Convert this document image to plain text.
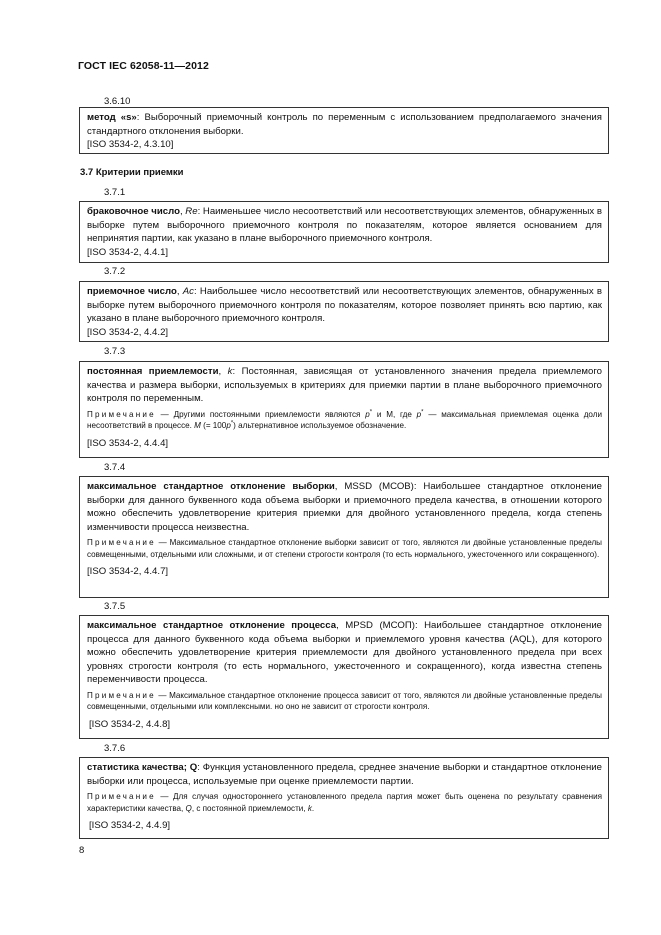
ГОСТ IEC 62058-11—2012
3.6.10

метод «s»: Выборочный приемочный контроль по переменным с использованием предполагаемого значения стандартного отклонения выборки.

[ISO 3534-2, 4.3.10]

3.7 Критерии приемки
3.7.1

браковочное число, Re: Наименьшее число несоответствий или несоответствующих элементов, обнаруженных в выборке путем выборочного приемочного контроля по показателям, которое является основанием для непринятия партии, как указано в плане выборочного приемочного контроля.

[ISO 3534-2, 4.4.1]

3.7.2

приемочное число, Ac: Наибольшее число несоответствий или несоответствующих элементов, обнаруженных в выборке путем выборочного приемочного контроля по показателям, которое позволяет принять всю партию, как указано в плане выборочного приемочного контроля.

[ISO 3534-2, 4.4.2]

3.7.3

постоянная приемлемости, k: Постоянная, зависящая от установленного значения предела приемлемого качества и размера выборки, используемых в критериях для приемки партии в плане выборочного приемочного контроля по переменным.

Примечание — Другими постоянными приемлемости являются p* и M, где p* — максимальная приемлемая оценка доли несоответствий в процессе. M (= 100p*) альтернативное используемое обозначение.

[ISO 3534-2, 4.4.4]

3.7.4

максимальное стандартное отклонение выборки, MSSD (МСОВ): Наибольшее стандартное отклонение выборки для данного буквенного кода объема выборки и приемочного предела качества, в отношении которого можно обеспечить удовлетворение критерия приемки для двойного установленного предела, когда степень изменчивости процесса неизвестна.

Примечание — Максимальное стандартное отклонение выборки зависит от того, являются ли двойные установленные пределы совмещенными, отдельными или сложными, и от степени строгости контроля (то есть нормального, ужесточенного или сокращенного).

[ISO 3534-2, 4.4.7]

3.7.5

максимальное стандартное отклонение процесса, MPSD (МСОП): Наибольшее стандартное отклонение процесса для данного буквенного кода объема выборки и приемлемого уровня качества (AQL), для которого можно обеспечить удовлетворение критерия приемлемости для двойного установленного предела при всех уровнях строгости контроля (то есть нормального, ужесточенного и сокращенного), когда известна степень переменчивости процесса.

Примечание — Максимальное стандартное отклонение процесса зависит от того, являются ли двойные установленные пределы совмещенными, отдельными или комплексными. но оно не зависит от строгости контроля.

[ISO 3534-2, 4.4.8]

3.7.6

статистика качества; Q: Функция установленного предела, среднее значение выборки и стандартное отклонение выборки или процесса, используемые при оценке приемлемости партии.

Примечание — Для случая одностороннего установленного предела партия может быть оценена по результату сравнения характеристики качества, Q, с постоянной приемлемости, k.

[ISO 3534-2, 4.4.9]

8
